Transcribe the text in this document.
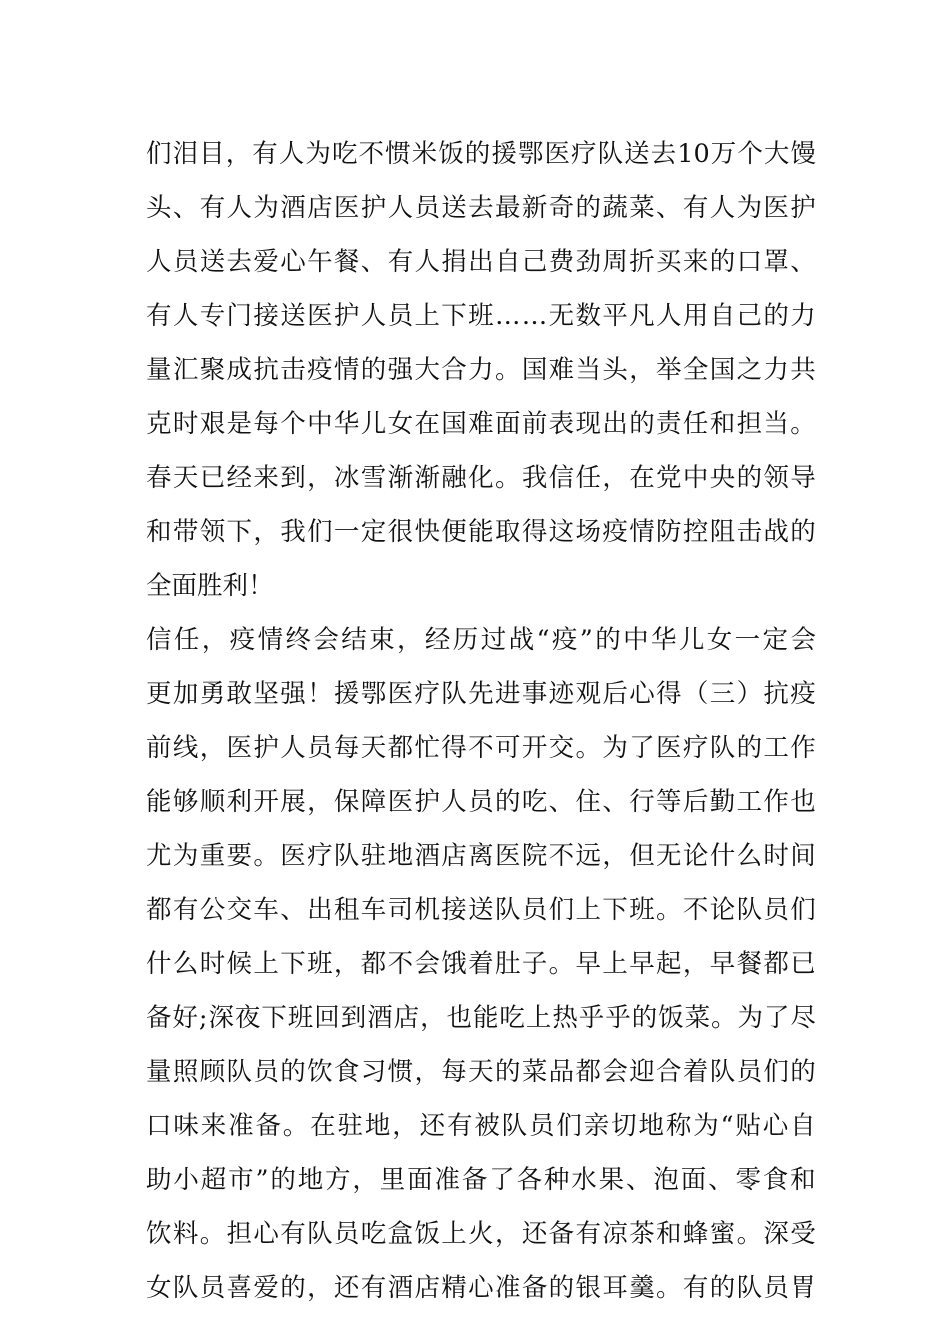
们 泪 目 ， 有 人 为 吃 不 惯 米 饭 的 援 鄂 医 疗 队 送 去 10 万 个 大 馒
头 、 有 人 为 酒 店 医 护 人 员 送 去 最 新 奇 的 蔬 菜 、 有 人 为 医 护
人 员 送 去 爱 心 午 餐 、 有 人 捐 出 自 己 费 劲 周 折 买 来 的 口 罩 、
有 人 专 门 接 送 医 护 人 员 上 下 班 … … 无 数 平 凡 人 用 自 己 的 力
量 汇 聚 成 抗 击 疫 情 的 强 大 合 力 。 国 难 当 头 ， 举 全 国 之 力 共
克 时 艰 是 每 个 中 华 儿 女 在 国 难 面 前 表 现 出 的 责 任 和 担 当 。
春 天 已 经 来 到 ， 冰 雪 渐 渐 融 化 。 我 信 任 ， 在 党 中 央 的 领 导
和 带 领 下 ， 我 们 一 定 很 快 便 能 取 得 这 场 疫 情 防 控 阻 击 战 的
全 面 胜 利 ！
信 任 ， 疫 情 终 会 结 束 ， 经 历 过 战 “ 疫 ” 的 中 华 儿 女 一 定 会
更 加 勇 敢 坚 强 ！ 援 鄂 医 疗 队 先 进 事 迹 观 后 心 得 （ 三 ） 抗 疫
前 线 ， 医 护 人 员 每 天 都 忙 得 不 可 开 交 。 为 了 医 疗 队 的 工 作
能 够 顺 利 开 展 ， 保 障 医 护 人 员 的 吃 、 住 、 行 等 后 勤 工 作 也
尤 为 重 要 。 医 疗 队 驻 地 酒 店 离 医 院 不 远 ， 但 无 论 什 么 时 间
都 有 公 交 车 、 出 租 车 司 机 接 送 队 员 们 上 下 班 。 不 论 队 员 们
什 么 时 候 上 下 班 ， 都 不 会 饿 着 肚 子 。 早 上 早 起 ， 早 餐 都 已
备 好 ; 深 夜 下 班 回 到 酒 店 ， 也 能 吃 上 热 乎 乎 的 饭 菜 。 为 了 尽
量 照 顾 队 员 的 饮 食 习 惯 ， 每 天 的 菜 品 都 会 迎 合 着 队 员 们 的
口 味 来 准 备 。 在 驻 地 ， 还 有 被 队 员 们 亲 切 地 称 为 “ 贴 心 自
助 小 超 市 ” 的 地 方 ， 里 面 准 备 了 各 种 水 果 、 泡 面 、 零 食 和
饮 料 。 担 心 有 队 员 吃 盒 饭 上 火 ， 还 备 有 凉 茶 和 蜂 蜜 。 深 受
女 队 员 喜 爱 的 ， 还 有 酒 店 精 心 准 备 的 银 耳 羹 。 有 的 队 员 胃
